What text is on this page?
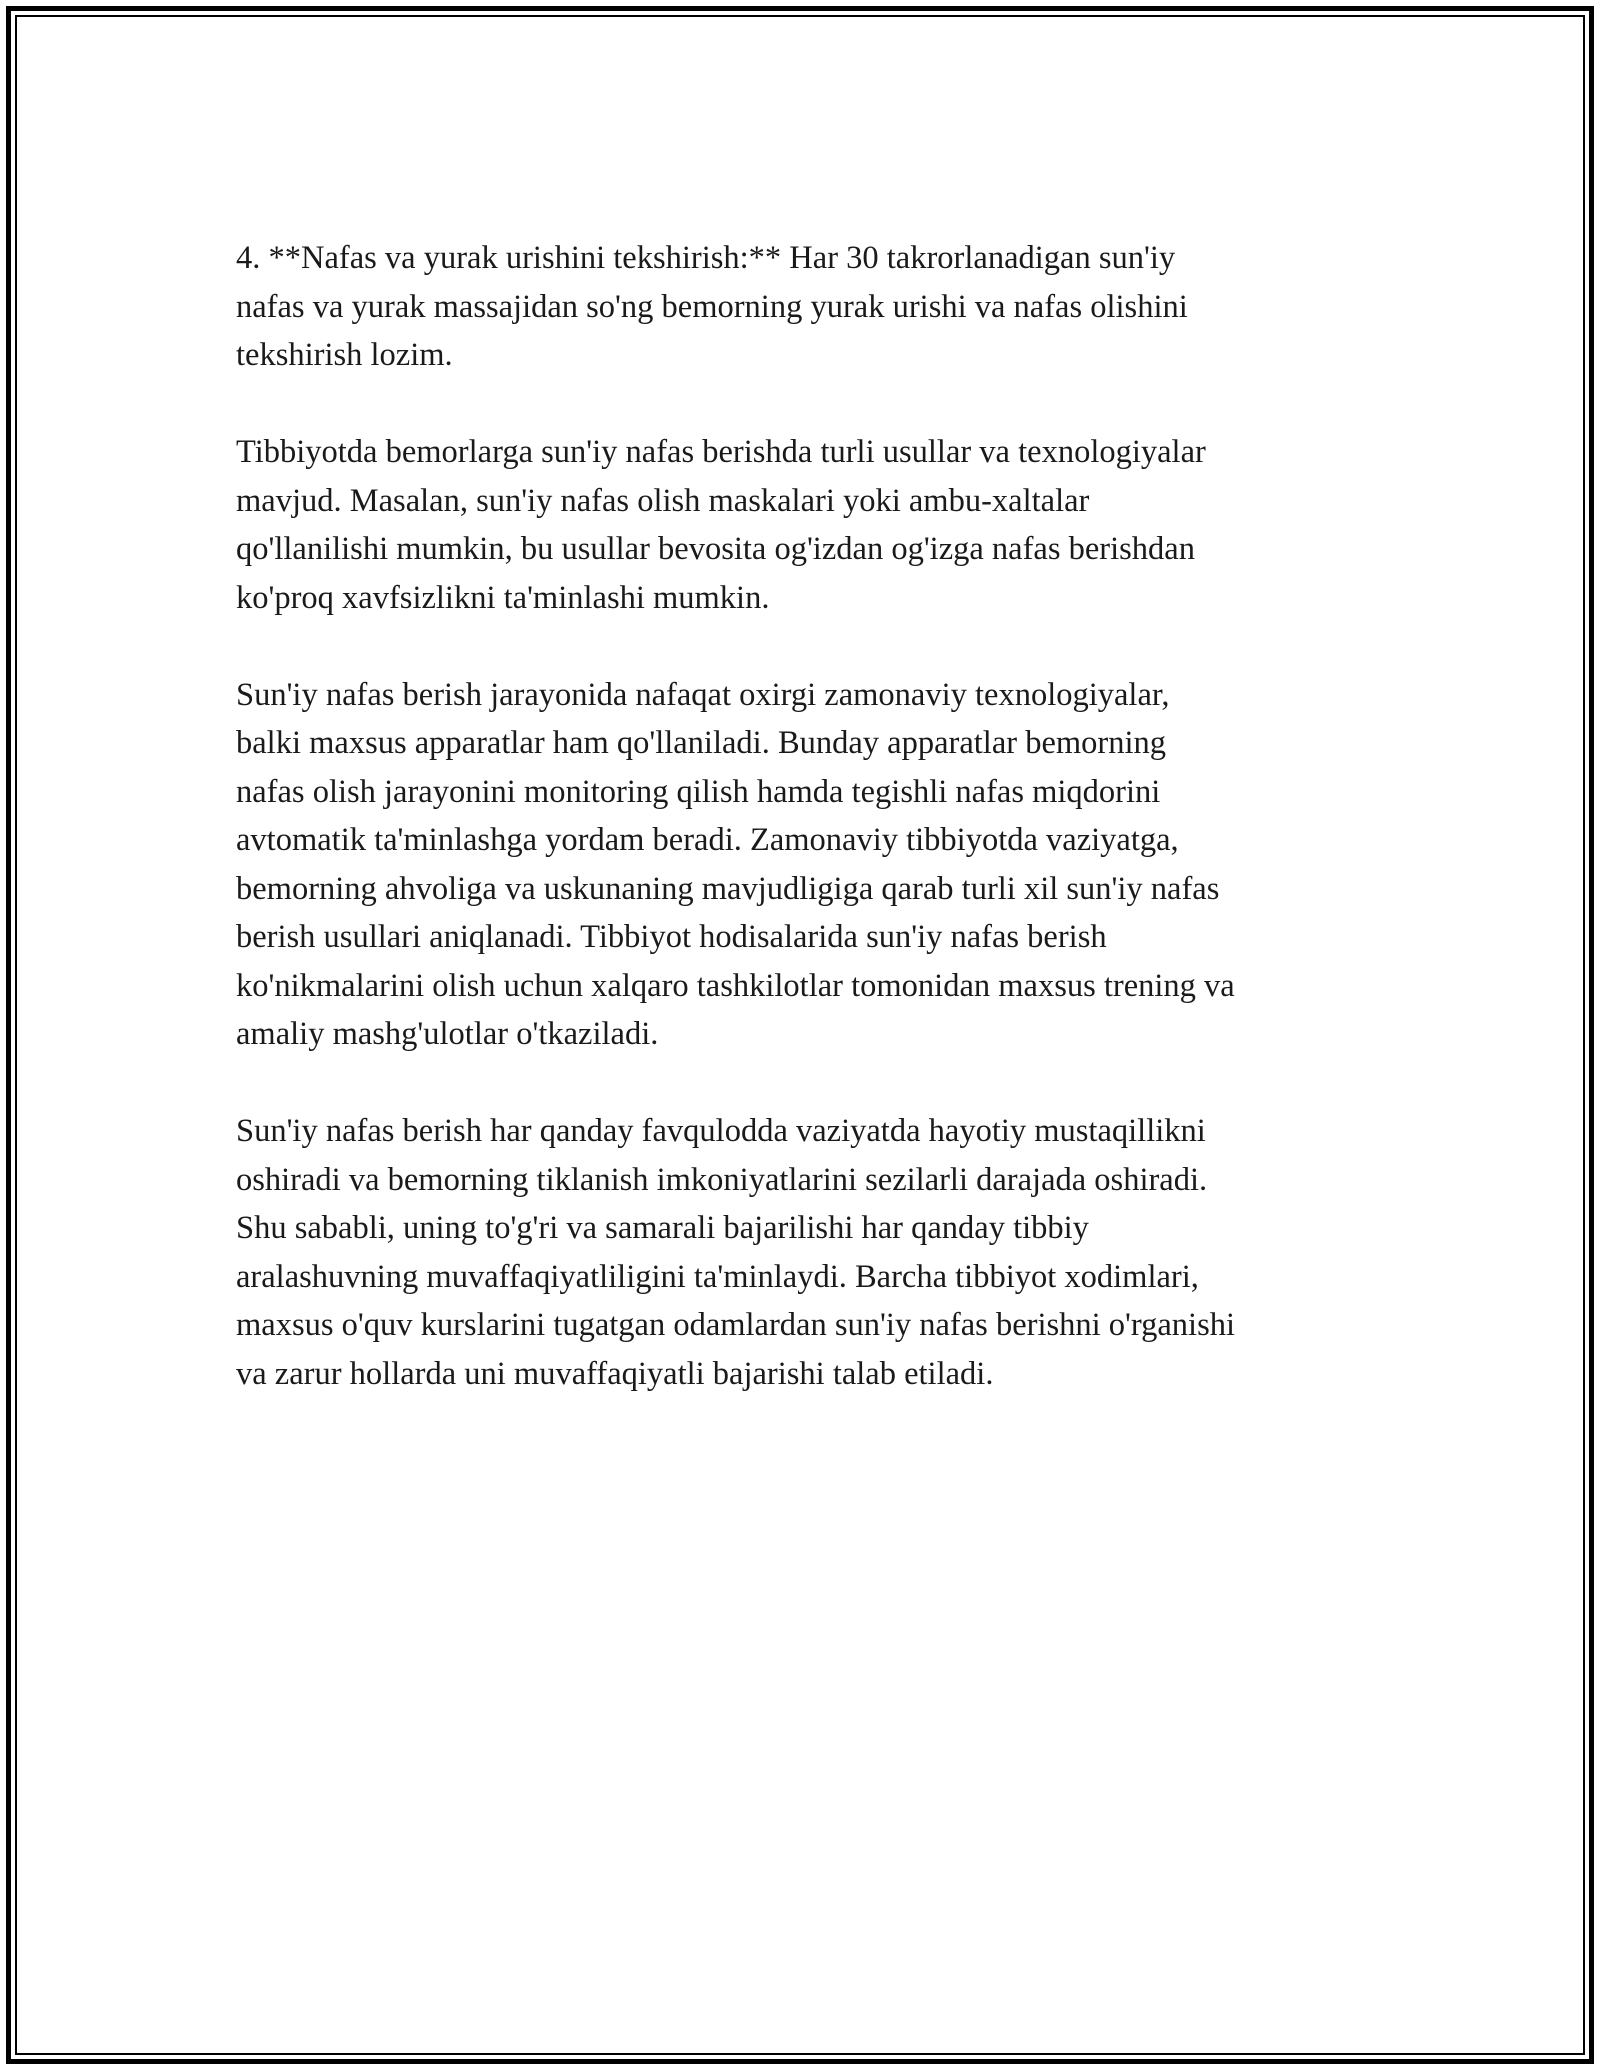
4. **Nafas va yurak urishini tekshirish:** Har 30 takrorlanadigan sun'iy
nafas va yurak massajidan so'ng bemorning yurak urishi va nafas olishini
tekshirish lozim.

Tibbiyotda bemorlarga sun'iy nafas berishda turli usullar va texnologiyalar
mavjud. Masalan, sun'iy nafas olish maskalari yoki ambu-xaltalar
qo'llanilishi mumkin, bu usullar bevosita og'izdan og'izga nafas berishdan
ko'proq xavfsizlikni ta'minlashi mumkin.

Sun'iy nafas berish jarayonida nafaqat oxirgi zamonaviy texnologiyalar,
balki maxsus apparatlar ham qo'llaniladi. Bunday apparatlar bemorning
nafas olish jarayonini monitoring qilish hamda tegishli nafas miqdorini
avtomatik ta'minlashga yordam beradi. Zamonaviy tibbiyotda vaziyatga,
bemorning ahvoliga va uskunaning mavjudligiga qarab turli xil sun'iy nafas
berish usullari aniqlanadi. Tibbiyot hodisalarida sun'iy nafas berish
ko'nikmalarini olish uchun xalqaro tashkilotlar tomonidan maxsus trening va
amaliy mashg'ulotlar o'tkaziladi.

Sun'iy nafas berish har qanday favqulodda vaziyatda hayotiy mustaqillikni
oshiradi va bemorning tiklanish imkoniyatlarini sezilarli darajada oshiradi.
Shu sababli, uning to'g'ri va samarali bajarilishi har qanday tibbiy
aralashuvning muvaffaqiyatliligini ta'minlaydi. Barcha tibbiyot xodimlari,
maxsus o'quv kurslarini tugatgan odamlardan sun'iy nafas berishni o'rganishi
va zarur hollarda uni muvaffaqiyatli bajarishi talab etiladi.
